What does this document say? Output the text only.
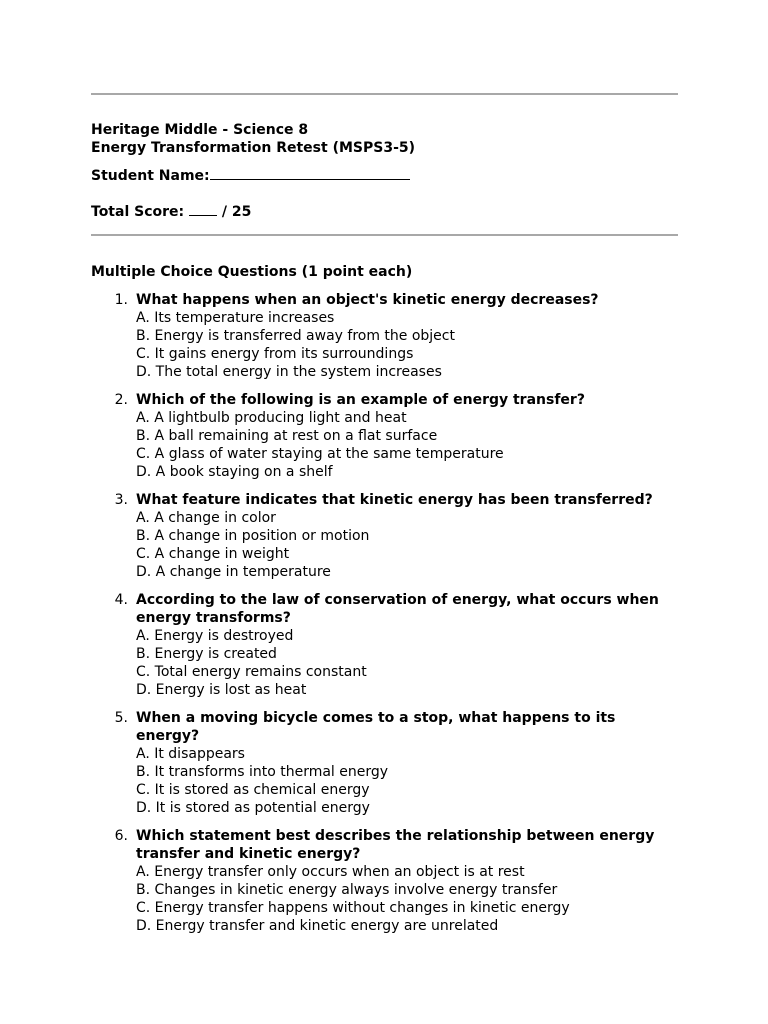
Heritage Middle - Science 8
Energy Transformation Retest (MSPS3-5)
Student Name:
Total Score:  / 25
Multiple Choice Questions (1 point each)
1. What happens when an object's kinetic energy decreases?
A. Its temperature increases
B. Energy is transferred away from the object
C. It gains energy from its surroundings
D. The total energy in the system increases
2. Which of the following is an example of energy transfer?
A. A lightbulb producing light and heat
B. A ball remaining at rest on a flat surface
C. A glass of water staying at the same temperature
D. A book staying on a shelf
3. What feature indicates that kinetic energy has been transferred?
A. A change in color
B. A change in position or motion
C. A change in weight
D. A change in temperature
4. According to the law of conservation of energy, what occurs when energy transforms?
A. Energy is destroyed
B. Energy is created
C. Total energy remains constant
D. Energy is lost as heat
5. When a moving bicycle comes to a stop, what happens to its energy?
A. It disappears
B. It transforms into thermal energy
C. It is stored as chemical energy
D. It is stored as potential energy
6. Which statement best describes the relationship between energy transfer and kinetic energy?
A. Energy transfer only occurs when an object is at rest
B. Changes in kinetic energy always involve energy transfer
C. Energy transfer happens without changes in kinetic energy
D. Energy transfer and kinetic energy are unrelated
